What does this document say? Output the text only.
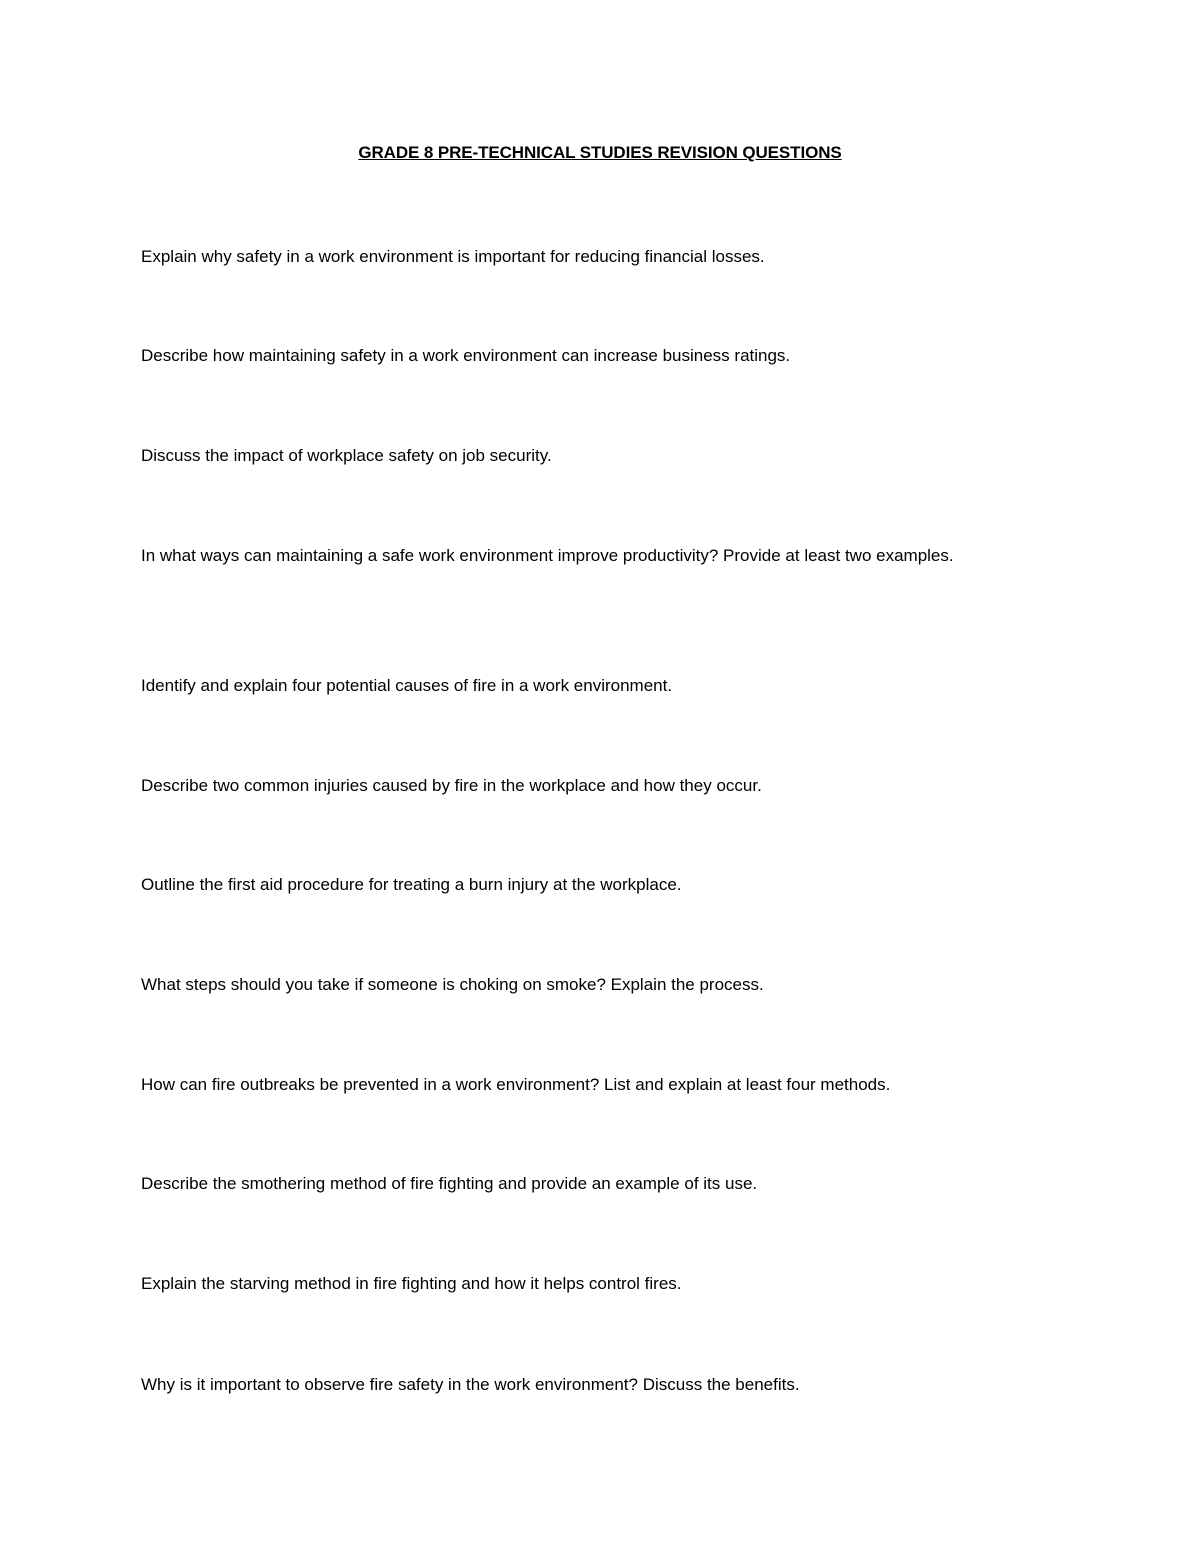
GRADE 8 PRE-TECHNICAL STUDIES REVISION QUESTIONS

Explain why safety in a work environment is important for reducing financial losses.

Describe how maintaining safety in a work environment can increase business ratings.

Discuss the impact of workplace safety on job security.

In what ways can maintaining a safe work environment improve productivity? Provide at least two examples.

Identify and explain four potential causes of fire in a work environment.

Describe two common injuries caused by fire in the workplace and how they occur.

Outline the first aid procedure for treating a burn injury at the workplace.

What steps should you take if someone is choking on smoke? Explain the process.

How can fire outbreaks be prevented in a work environment? List and explain at least four methods.

Describe the smothering method of fire fighting and provide an example of its use.

Explain the starving method in fire fighting and how it helps control fires.

Why is it important to observe fire safety in the work environment? Discuss the benefits.
